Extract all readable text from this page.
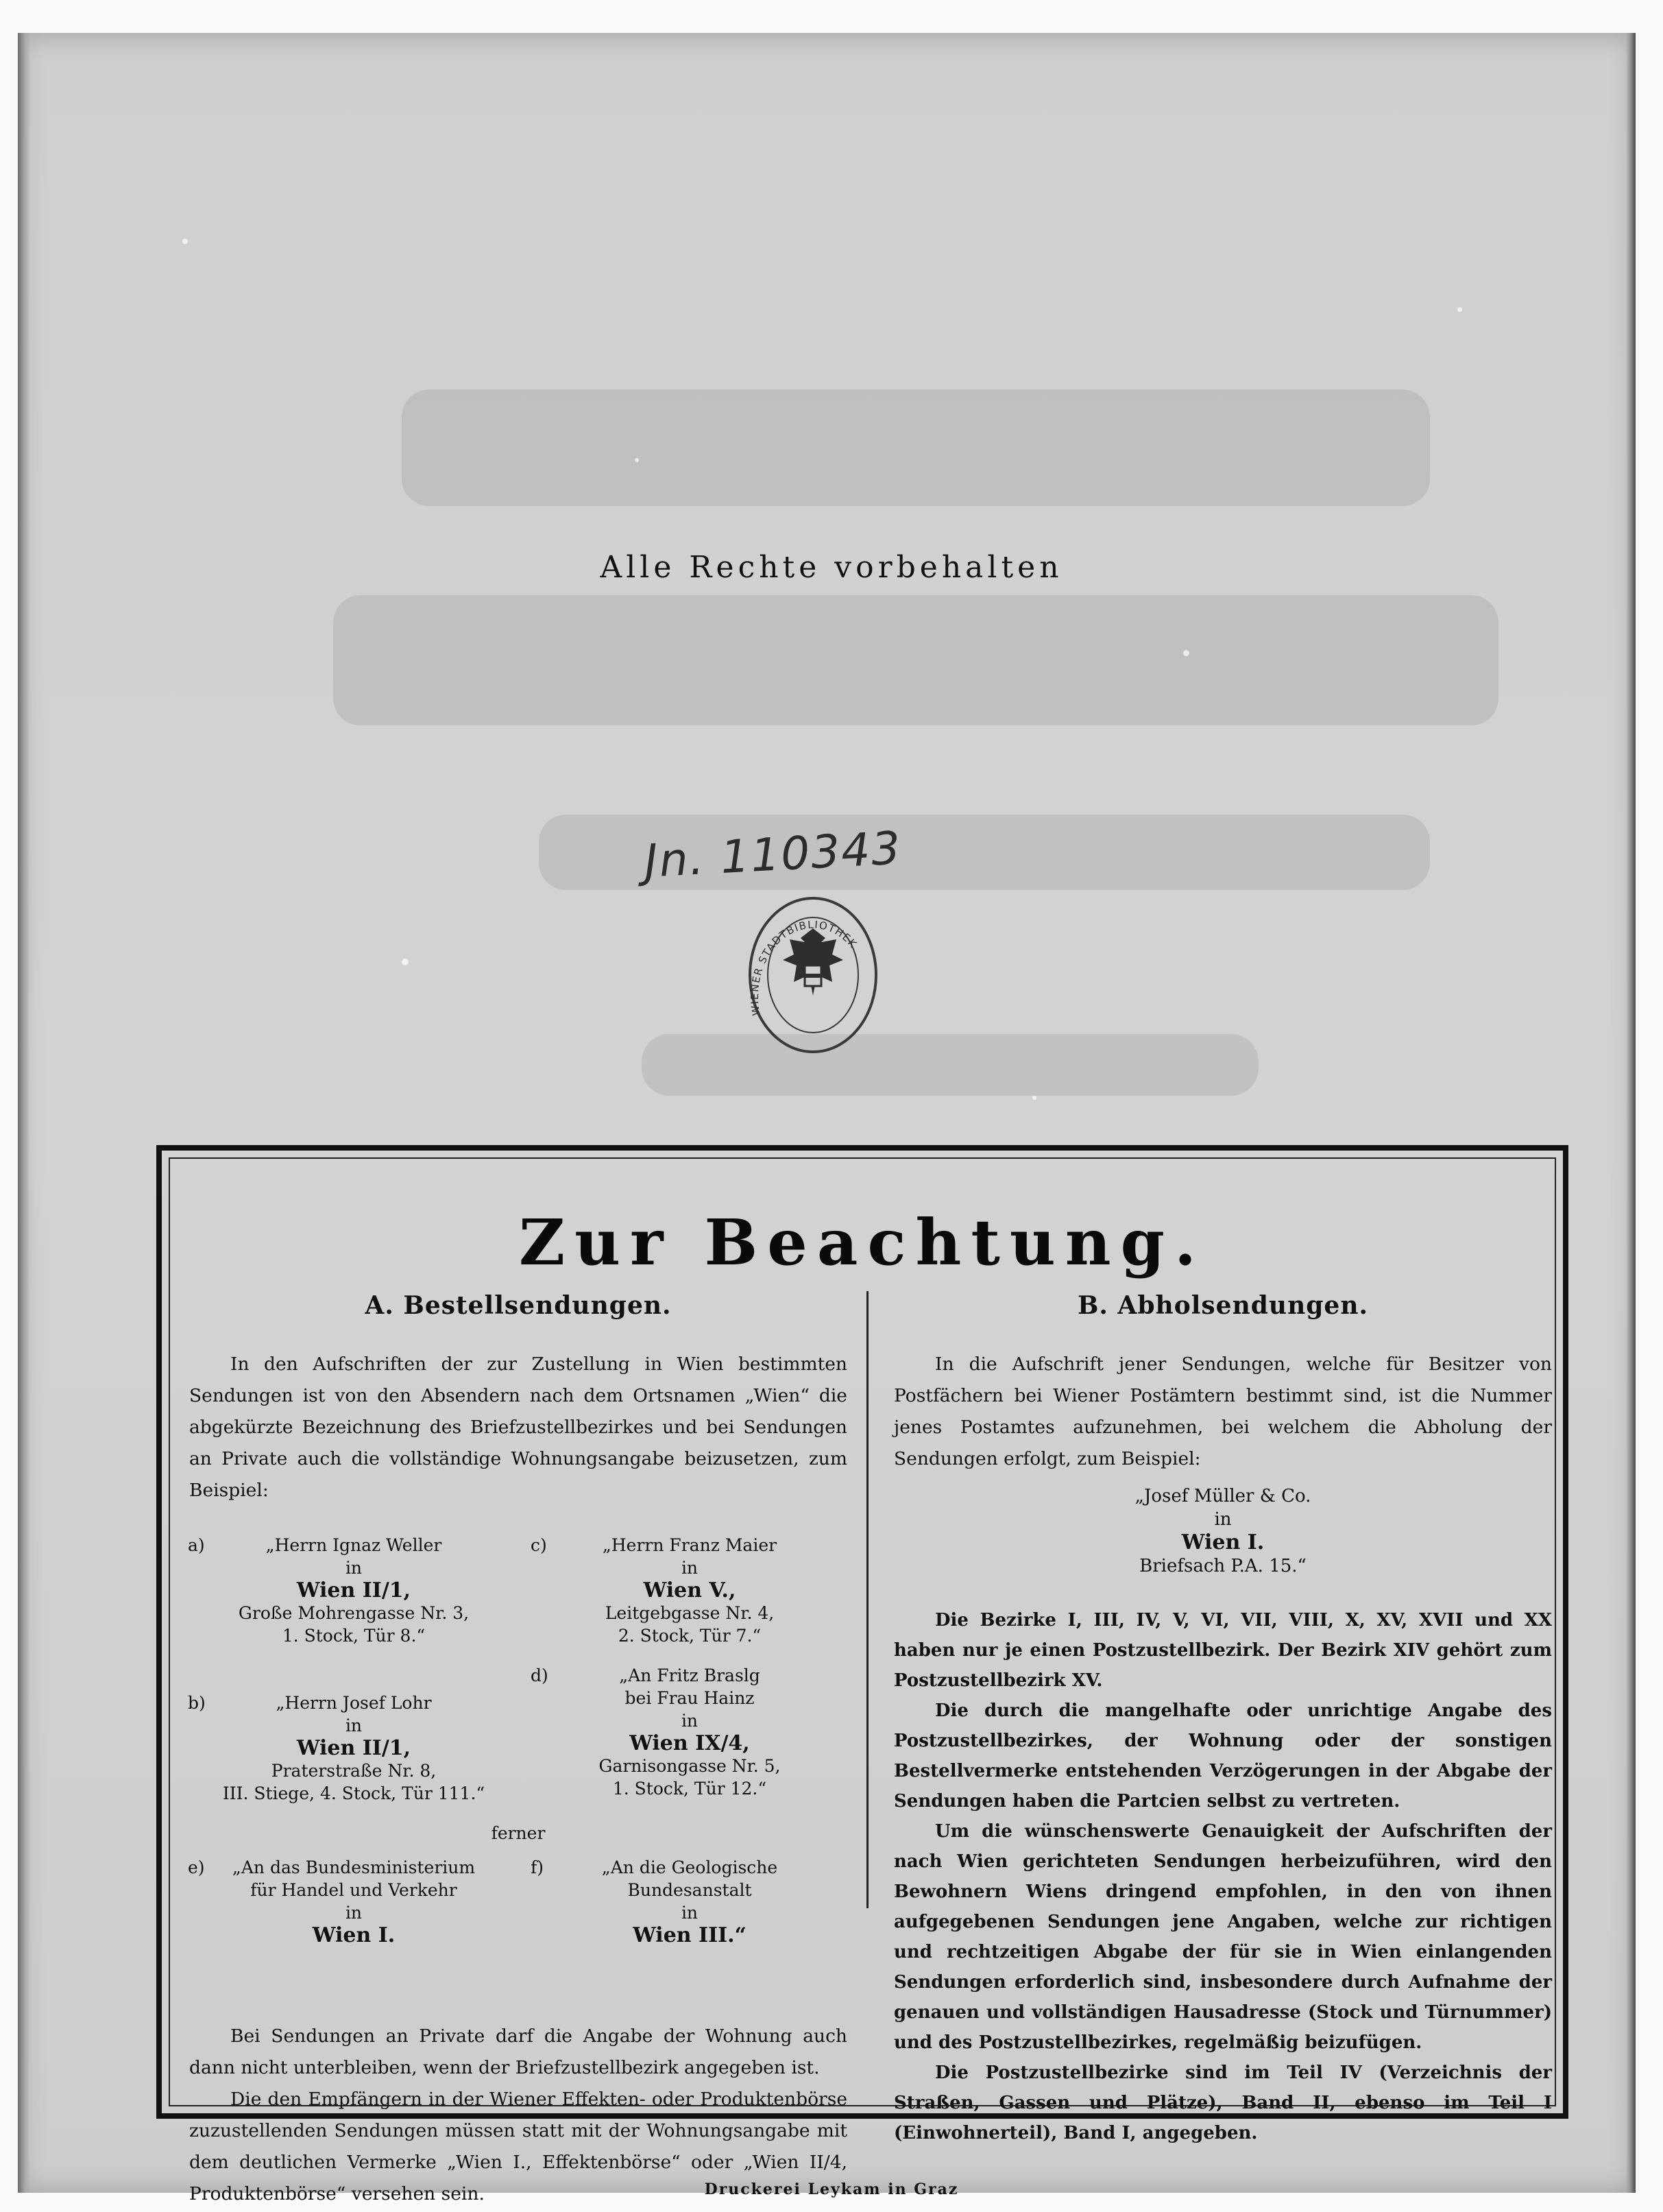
Alle Rechte vorbehalten
Jn. 110343
WIENER STADTBIBLIOTHEK
Zur Beachtung.
A. Bestellsendungen.

In den Aufschriften der zur Zustellung in Wien bestimmten Sendungen ist von den Absendern nach dem Ortsnamen „Wien“ die abgekürzte Bezeichnung des Briefzustellbezirkes und bei Sendungen an Private auch die vollständige Wohnungsangabe beizusetzen, zum Beispiel:

a)	„Herrn Ignaz Weller
in
Wien II/1,
Große Mohrengasse Nr. 3,
1. Stock, Tür 8.“
b)	„Herrn Josef Lohr
in
Wien II/1,
Praterstraße Nr. 8,
III. Stiege, 4. Stock, Tür 111.“
c)	„Herrn Franz Maier
in
Wien V.,
Leitgebgasse Nr. 4,
2. Stock, Tür 7.“
d)	„An Fritz Braslg
bei Frau Hainz
in
Wien IX/4,
Garnisongasse Nr. 5,
1. Stock, Tür 12.“
ferner
e)	„An das Bundesministerium
für Handel und Verkehr
in
Wien I.
f)	„An die Geologische
Bundesanstalt
in
Wien III.“

Bei Sendungen an Private darf die Angabe der Wohnung auch dann nicht unterbleiben, wenn der Briefzustellbezirk angegeben ist.

Die den Empfängern in der Wiener Effekten- oder Produktenbörse zuzustellenden Sendungen müssen statt mit der Wohnungsangabe mit dem deutlichen Vermerke „Wien I., Effektenbörse“ oder „Wien II/4, Produktenbörse“ versehen sein.

B. Abholsendungen.

In die Aufschrift jener Sendungen, welche für Besitzer von Postfächern bei Wiener Postämtern bestimmt sind, ist die Nummer jenes Postamtes aufzunehmen, bei welchem die Abholung der Sendungen erfolgt, zum Beispiel:

„Josef Müller & Co.
in
Wien I.
Briefsach P.A. 15.“

Die Bezirke I, III, IV, V, VI, VII, VIII, X, XV, XVII und XX haben nur je einen Postzustellbezirk. Der Bezirk XIV gehört zum Postzustellbezirk XV.

Die durch die mangelhafte oder unrichtige Angabe des Postzustellbezirkes, der Wohnung oder der sonstigen Bestellvermerke entstehenden Verzögerungen in der Abgabe der Sendungen haben die Partcien selbst zu vertreten.

Um die wünschenswerte Genauigkeit der Aufschriften der nach Wien gerichteten Sendungen herbeizuführen, wird den Bewohnern Wiens dringend empfohlen, in den von ihnen aufgegebenen Sendungen jene Angaben, welche zur richtigen und rechtzeitigen Abgabe der für sie in Wien einlangenden Sendungen erforderlich sind, insbesondere durch Aufnahme der genauen und vollständigen Hausadresse (Stock und Türnummer) und des Postzustellbezirkes, regelmäßig beizufügen.

Die Postzustellbezirke sind im Teil IV (Verzeichnis der Straßen, Gassen und Plätze), Band II, ebenso im Teil I (Einwohnerteil), Band I, angegeben.

Druckerei Leykam in Graz
